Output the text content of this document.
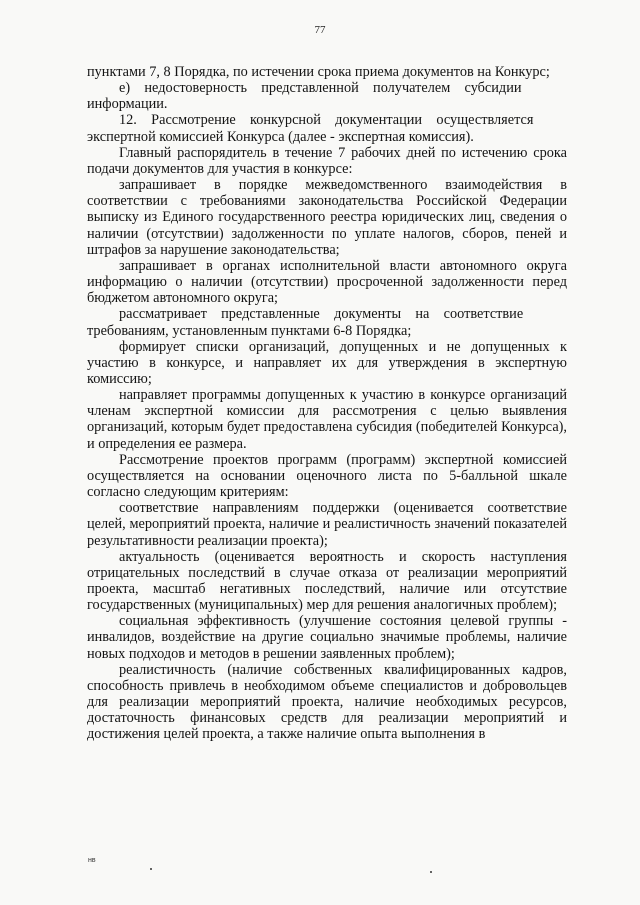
77

пунктами 7, 8 Порядка, по истечении срока приема документов на Конкурс;

е) недостоверность представленной получателем субсидии информации.

12. Рассмотрение конкурсной документации осуществляется экспертной комиссией Конкурса (далее - экспертная комиссия).

Главный распорядитель в течение 7 рабочих дней по истечению срока подачи документов для участия в конкурсе:

запрашивает в порядке межведомственного взаимодействия в соответствии с требованиями законодательства Российской Федерации выписку из Единого государственного реестра юридических лиц, сведения о наличии (отсутствии) задолженности по уплате налогов, сборов, пеней и штрафов за нарушение законодательства;

запрашивает в органах исполнительной власти автономного округа информацию о наличии (отсутствии) просроченной задолженности перед бюджетом автономного округа;

рассматривает представленные документы на соответствие требованиям, установленным пунктами 6-8 Порядка;

формирует списки организаций, допущенных и не допущенных к участию в конкурсе, и направляет их для утверждения в экспертную комиссию;

направляет программы допущенных к участию в конкурсе организаций членам экспертной комиссии для рассмотрения с целью выявления организаций, которым будет предоставлена субсидия (победителей Конкурса), и определения ее размера.

Рассмотрение проектов программ (программ) экспертной комиссией осуществляется на основании оценочного листа по 5-балльной шкале согласно следующим критериям:

соответствие направлениям поддержки (оценивается соответствие целей, мероприятий проекта, наличие и реалистичность значений показателей результативности реализации проекта);

актуальность (оценивается вероятность и скорость наступления отрицательных последствий в случае отказа от реализации мероприятий проекта, масштаб негативных последствий, наличие или отсутствие государственных (муниципальных) мер для решения аналогичных проблем);

социальная эффективность (улучшение состояния целевой группы - инвалидов, воздействие на другие социально значимые проблемы, наличие новых подходов и методов в решении заявленных проблем);

реалистичность (наличие собственных квалифицированных кадров, способность привлечь в необходимом объеме специалистов и добровольцев для реализации мероприятий проекта, наличие необходимых ресурсов, достаточность финансовых средств для реализации мероприятий и достижения целей проекта, а также наличие опыта выполнения в

нв
